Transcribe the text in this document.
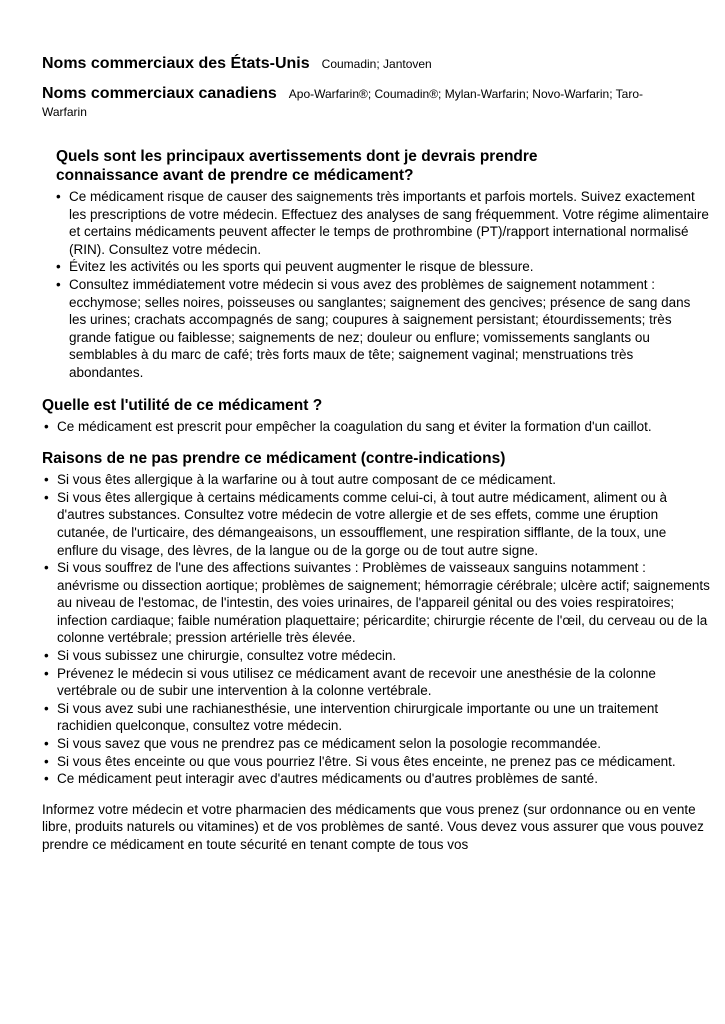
Noms commerciaux des États-Unis Coumadin; Jantoven

Noms commerciaux canadiens Apo-Warfarin®; Coumadin®; Mylan-Warfarin; Novo-Warfarin; Taro-Warfarin

Quels sont les principaux avertissements dont je devrais prendre connaissance avant de prendre ce médicament?
• Ce médicament risque de causer des saignements très importants et parfois mortels. Suivez exactement les prescriptions de votre médecin. Effectuez des analyses de sang fréquemment. Votre régime alimentaire et certains médicaments peuvent affecter le temps de prothrombine (PT)/rapport international normalisé (RIN). Consultez votre médecin.
• Évitez les activités ou les sports qui peuvent augmenter le risque de blessure.
• Consultez immédiatement votre médecin si vous avez des problèmes de saignement notamment : ecchymose; selles noires, poisseuses ou sanglantes; saignement des gencives; présence de sang dans les urines; crachats accompagnés de sang; coupures à saignement persistant; étourdissements; très grande fatigue ou faiblesse; saignements de nez; douleur ou enflure; vomissements sanglants ou semblables à du marc de café; très forts maux de tête; saignement vaginal; menstruations très abondantes.
Quelle est l'utilité de ce médicament ?
• Ce médicament est prescrit pour empêcher la coagulation du sang et éviter la formation d'un caillot.
Raisons de ne pas prendre ce médicament (contre-indications)
• Si vous êtes allergique à la warfarine ou à tout autre composant de ce médicament.
• Si vous êtes allergique à certains médicaments comme celui-ci, à tout autre médicament, aliment ou à d'autres substances. Consultez votre médecin de votre allergie et de ses effets, comme une éruption cutanée, de l'urticaire, des démangeaisons, un essoufflement, une respiration sifflante, de la toux, une enflure du visage, des lèvres, de la langue ou de la gorge ou de tout autre signe.
• Si vous souffrez de l'une des affections suivantes : Problèmes de vaisseaux sanguins notamment : anévrisme ou dissection aortique; problèmes de saignement; hémorragie cérébrale; ulcère actif; saignements au niveau de l'estomac, de l'intestin, des voies urinaires, de l'appareil génital ou des voies respiratoires; infection cardiaque; faible numération plaquettaire; péricardite; chirurgie récente de l'œil, du cerveau ou de la colonne vertébrale; pression artérielle très élevée.
• Si vous subissez une chirurgie, consultez votre médecin.
• Prévenez le médecin si vous utilisez ce médicament avant de recevoir une anesthésie de la colonne vertébrale ou de subir une intervention à la colonne vertébrale.
• Si vous avez subi une rachianesthésie, une intervention chirurgicale importante ou une un traitement rachidien quelconque, consultez votre médecin.
• Si vous savez que vous ne prendrez pas ce médicament selon la posologie recommandée.
• Si vous êtes enceinte ou que vous pourriez l'être. Si vous êtes enceinte, ne prenez pas ce médicament.
• Ce médicament peut interagir avec d'autres médicaments ou d'autres problèmes de santé.

Informez votre médecin et votre pharmacien des médicaments que vous prenez (sur ordonnance ou en vente libre, produits naturels ou vitamines) et de vos problèmes de santé. Vous devez vous assurer que vous pouvez prendre ce médicament en toute sécurité en tenant compte de tous vos
